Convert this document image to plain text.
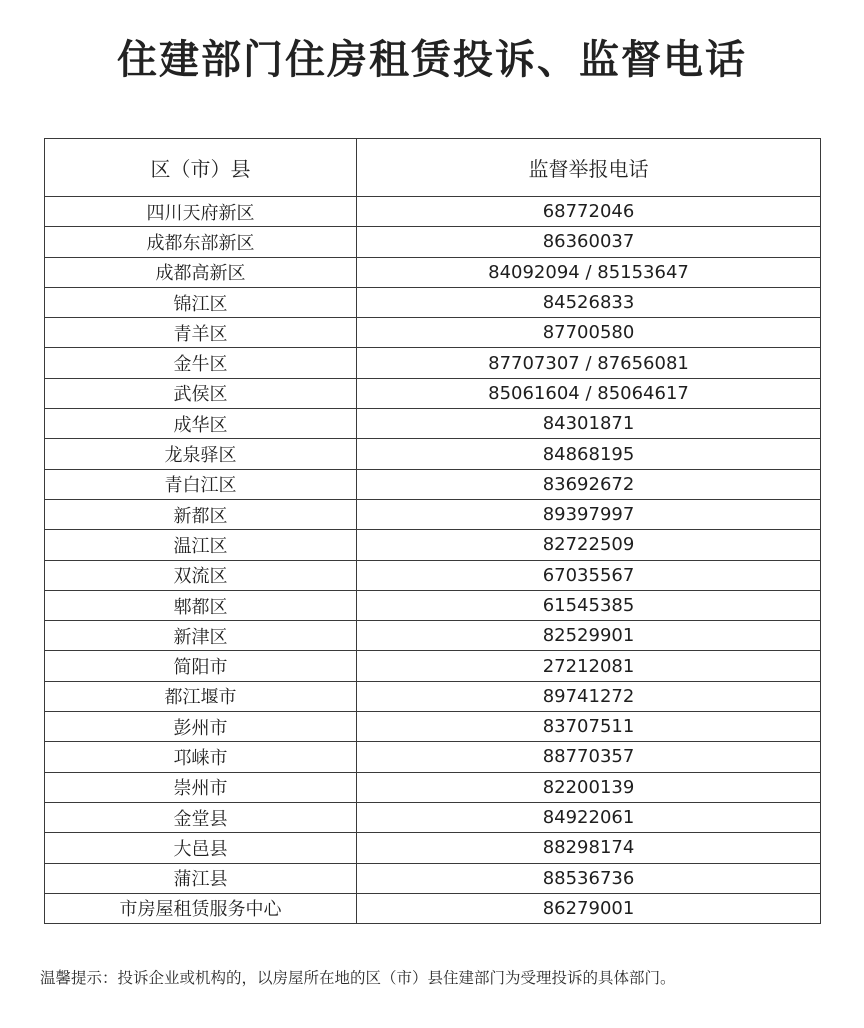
住建部门住房租赁投诉、监督电话
区（市）县	监督举报电话
四川天府新区	68772046
成都东部新区	86360037
成都高新区	84092094 / 85153647
锦江区	84526833
青羊区	87700580
金牛区	87707307 / 87656081
武侯区	85061604 / 85064617
成华区	84301871
龙泉驿区	84868195
青白江区	83692672
新都区	89397997
温江区	82722509
双流区	67035567
郫都区	61545385
新津区	82529901
简阳市	27212081
都江堰市	89741272
彭州市	83707511
邛崃市	88770357
崇州市	82200139
金堂县	84922061
大邑县	88298174
蒲江县	88536736
市房屋租赁服务中心	86279001
温馨提示：投诉企业或机构的，以房屋所在地的区（市）县住建部门为受理投诉的具体部门。
